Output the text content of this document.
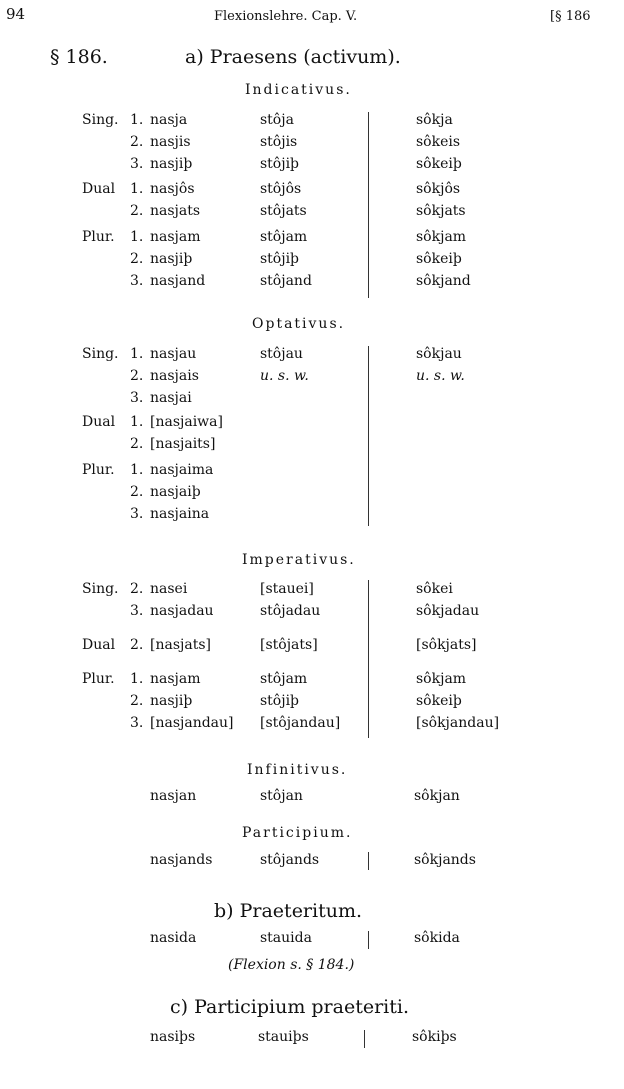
94	Flexionslehre. Cap. V.	[§ 186
§ 186.	a) Praesens (activum).
Indicativus.
Sing. 1. nasja	stôja	sôkja
2. nasjis	stôjis	sôkeis
3. nasjiþ	stôjiþ	sôkeiþ
Dual 1. nasjôs	stôjôs	sôkjôs
2. nasjats	stôjats	sôkjats
Plur. 1. nasjam	stôjam	sôkjam
2. nasjiþ	stôjiþ	sôkeiþ
3. nasjand	stôjand	sôkjand
Optativus.
Sing. 1. nasjau	stôjau	sôkjau
2. nasjais	u. s. w.	u. s. w.
3. nasjai
Dual 1. [nasjaiwa]
2. [nasjaits]
Plur. 1. nasjaima
2. nasjaiþ
3. nasjaina
Imperativus.
Sing. 2. nasei	[stauei]	sôkei
3. nasjadau	stôjadau	sôkjadau
Dual 2. [nasjats]	[stôjats]	[sôkjats]
Plur. 1. nasjam	stôjam	sôkjam
2. nasjiþ	stôjiþ	sôkeiþ
3. [nasjandau] [stôjandau]	[sôkjandau]
Infinitivus.
nasjan	stôjan	sôkjan
Participium.
nasjands	stôjands	sôkjands
b) Praeteritum.
nasida	stauida	sôkida
(Flexion s. § 184.)
c) Participium praeteriti.
nasiþs	stauiþs	sôkiþs
